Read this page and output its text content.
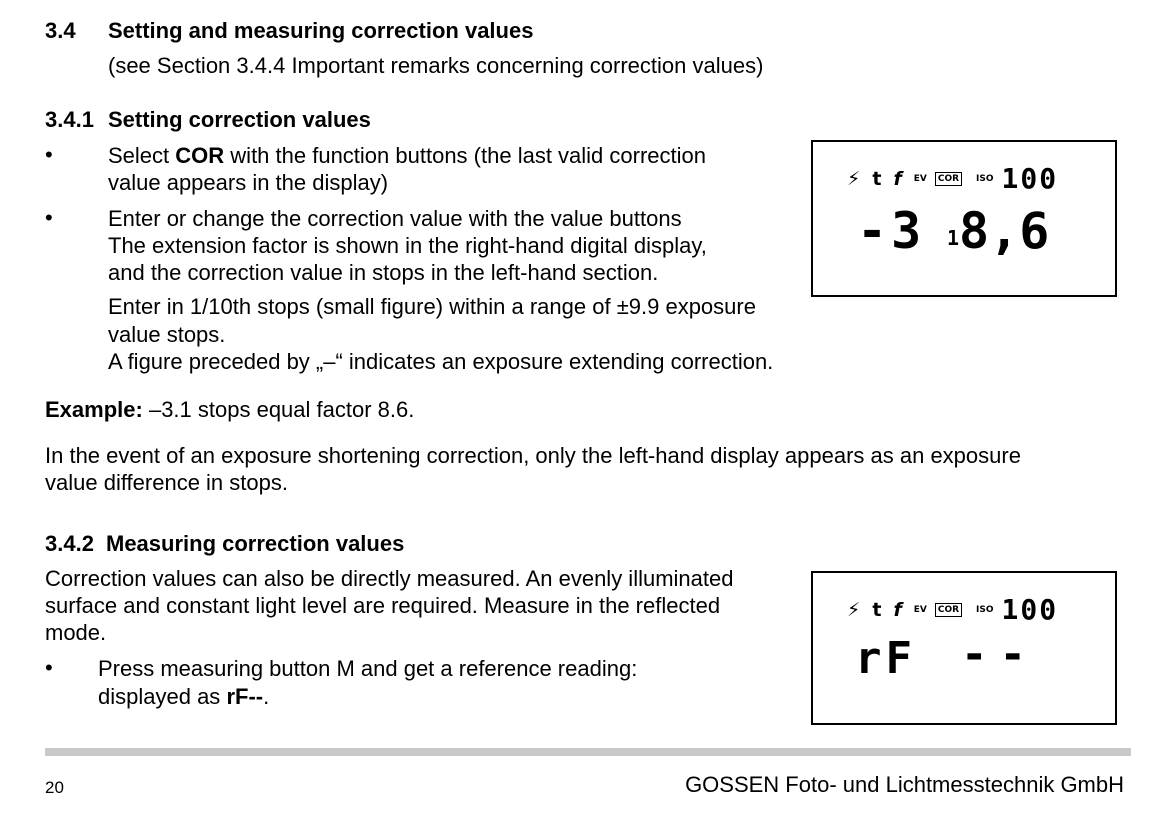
3.4 Setting and measuring correction values
(see Section 3.4.4 Important remarks concerning correction values)
3.4.1 Setting correction values
•	Select COR with the function buttons (the last valid correction
value appears in the display)
•	Enter or change the correction value with the value buttons
The extension factor is shown in the right-hand digital display,
and the correction value in stops in the left-hand section.
Enter in 1/10th stops (small figure) within a range of ±9.9 exposure
value stops.
A figure preceded by „–“ indicates an exposure extending correction.
Example: –3.1 stops equal factor 8.6.
In the event of an exposure shortening correction, only the left-hand display appears as an exposure
value difference in stops.
3.4.2 Measuring correction values
Correction values can also be directly measured. An evenly illuminated
surface and constant light level are required. Measure in the reflected
mode.
• Press measuring button M and get a reference reading:
displayed as rF--.
⚡ t f EV	COR	ISO 100
-3 1
8,6
⚡ t f EV	COR	ISO 100
rF --
20	GOSSEN Foto- und Lichtmesstechnik GmbH
